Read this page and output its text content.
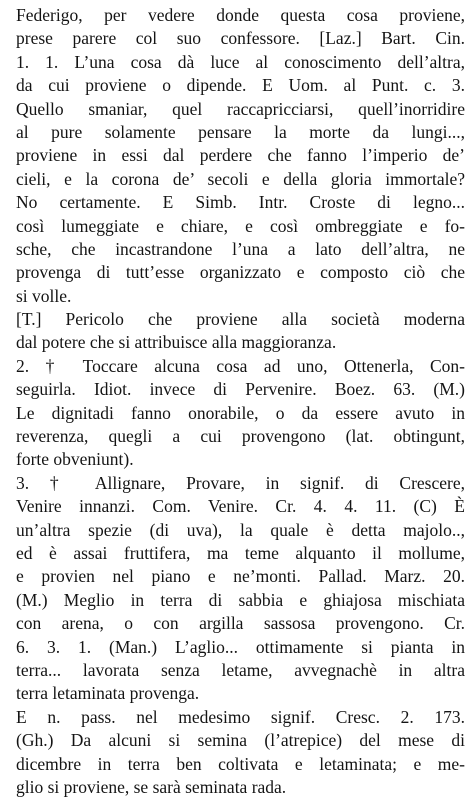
Federigo, per vedere donde questa cosa proviene,
prese parere col suo confessore. [Laz.] Bart. Cin.
1. 1. L’una cosa dà luce al conoscimento dell’altra,
da cui proviene o dipende. E Uom. al Punt. c. 3.
Quello smaniar, quel raccapricciarsi, quell’inorridire
al pure solamente pensare la morte da lungi...,
proviene in essi dal perdere che fanno l’imperio de’
cieli, e la corona de’ secoli e della gloria immortale?
No certamente. E Simb. Intr. Croste di legno...
così lumeggiate e chiare, e così ombreggiate e fo-
sche, che incastrandone l’una a lato dell’altra, ne
provenga di tutt’esse organizzato e composto ciò che
si volle.
[T.] Pericolo che proviene alla società moderna
dal potere che si attribuisce alla maggioranza.
2. † Toccare alcuna cosa ad uno, Ottenerla, Con-
seguirla. Idiot. invece di Pervenire. Boez. 63. (M.)
Le dignitadi fanno onorabile, o da essere avuto in
reverenza, quegli a cui provengono (lat. obtingunt,
forte obveniunt).
3. † Allignare, Provare, in signif. di Crescere,
Venire innanzi. Com. Venire. Cr. 4. 4. 11. (C) È
un’altra spezie (di uva), la quale è detta majolo..,
ed è assai fruttifera, ma teme alquanto il mollume,
e provien nel piano e ne’monti. Pallad. Marz. 20.
(M.) Meglio in terra di sabbia e ghiajosa mischiata
con arena, o con argilla sassosa provengono. Cr.
6. 3. 1. (Man.) L’aglio... ottimamente si pianta in
terra... lavorata senza letame, avvegnachè in altra
terra letaminata provenga.
E n. pass. nel medesimo signif. Cresc. 2. 173.
(Gh.) Da alcuni si semina (l’atrepice) del mese di
dicembre in terra ben coltivata e letaminata; e me-
glio si proviene, se sarà seminata rada.
